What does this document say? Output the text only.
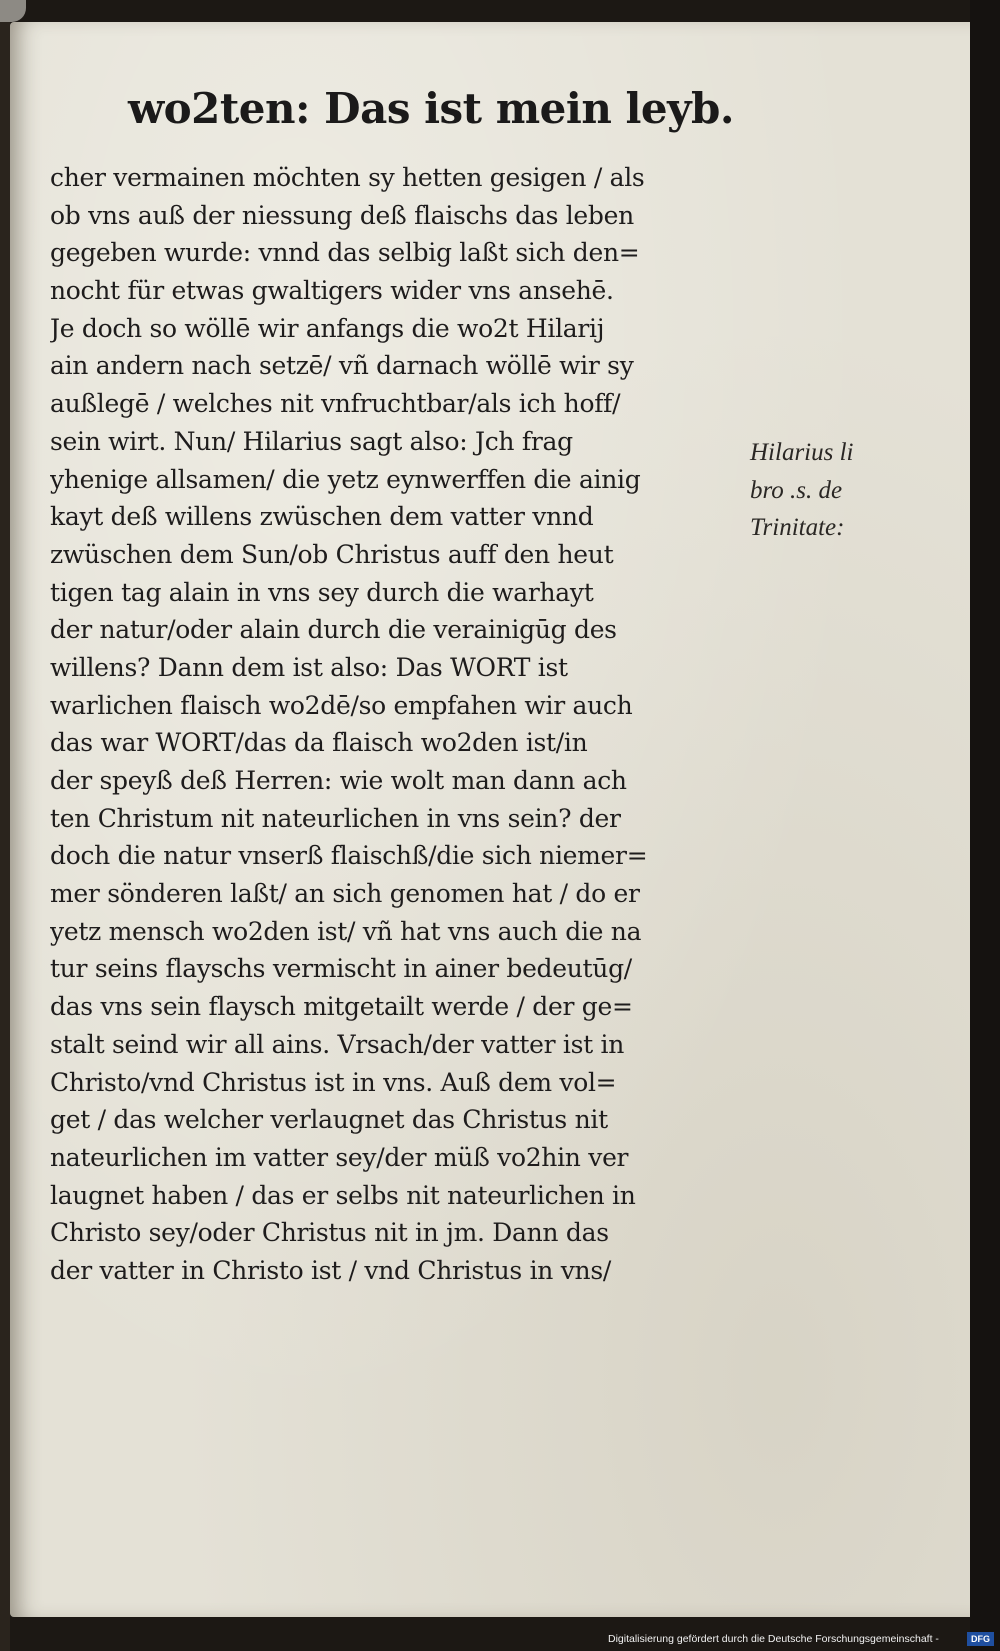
wo2ten: Das ist mein leyb.
cher vermainen möchten sy hetten gesigen / als
ob vns auß der niessung deß flaischs das leben
gegeben wurde: vnnd das selbig laßt sich den=
nocht für etwas gwaltigers wider vns ansehē.
Je doch so wöllē wir anfangs die wo2t Hilarij
ain andern nach setzē/ vñ darnach wöllē wir sy
außlegē / welches nit vnfruchtbar/als ich hoff/
sein wirt. Nun/ Hilarius sagt also: Jch frag
yhenige allsamen/ die yetz eynwerffen die ainig
kayt deß willens zwüschen dem vatter vnnd
zwüschen dem Sun/ob Christus auff den heut
tigen tag alain in vns sey durch die warhayt
der natur/oder alain durch die verainigūg des
willens? Dann dem ist also: Das WORT ist
warlichen flaisch wo2dē/so empfahen wir auch
das war WORT/das da flaisch wo2den ist/in
der speyß deß Herren: wie wolt man dann ach
ten Christum nit nateurlichen in vns sein? der
doch die natur vnserß flaischß/die sich niemer=
mer sönderen laßt/ an sich genomen hat / do er
yetz mensch wo2den ist/ vñ hat vns auch die na
tur seins flayschs vermischt in ainer bedeutūg/
das vns sein flaysch mitgetailt werde / der ge=
stalt seind wir all ains. Vrsach/der vatter ist in
Christo/vnd Christus ist in vns. Auß dem vol=
get / das welcher verlaugnet das Christus nit
nateurlichen im vatter sey/der müß vo2hin ver
laugnet haben / das er selbs nit nateurlichen in
Christo sey/oder Christus nit in jm. Dann das
der vatter in Christo ist / vnd Christus in vns/
Hilarius li
bro .s. de
Trinitate:
Digitalisierung gefördert durch die Deutsche Forschungsgemeinschaft -	DFG
